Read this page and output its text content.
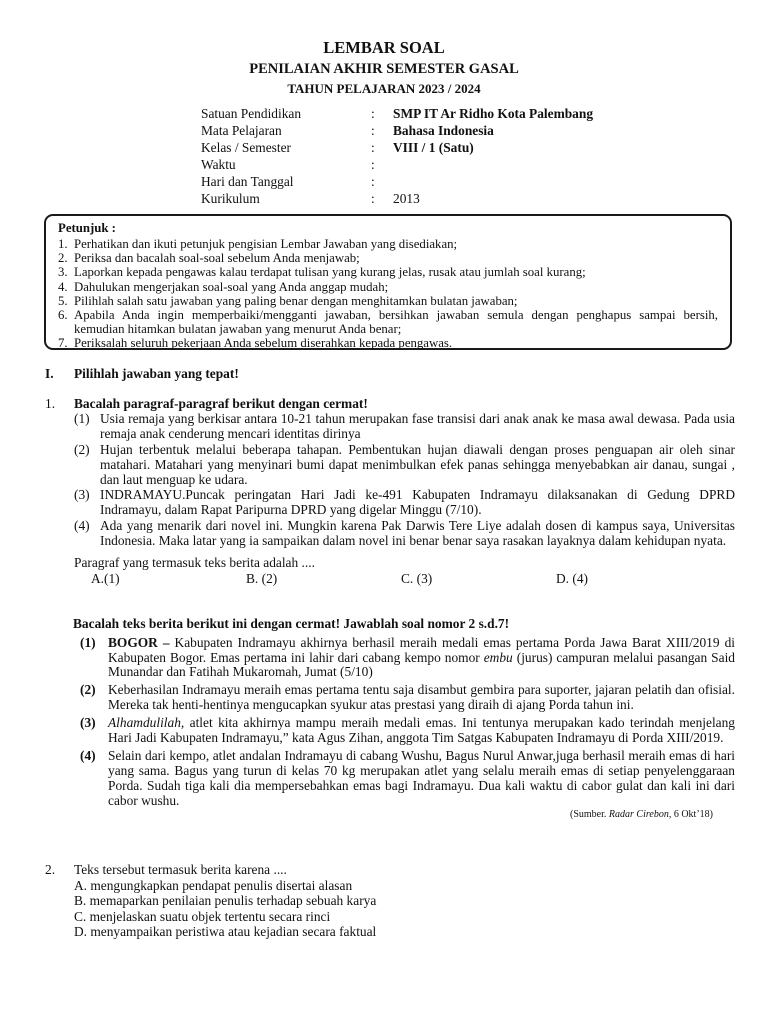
LEMBAR SOAL
PENILAIAN AKHIR SEMESTER GASAL
TAHUN PELAJARAN 2023 / 2024
Satuan Pendidikan	:	SMP IT Ar Ridho Kota Palembang
Mata Pelajaran	:	Bahasa Indonesia
Kelas / Semester	:	VIII / 1 (Satu)
Waktu	:
Hari dan Tanggal	:
Kurikulum	:	2013
Petunjuk :
1. Perhatikan dan ikuti petunjuk pengisian Lembar Jawaban yang disediakan;
2. Periksa dan bacalah soal-soal sebelum Anda menjawab;
3. Laporkan kepada pengawas kalau terdapat tulisan yang kurang jelas, rusak atau jumlah soal kurang;
4. Dahulukan mengerjakan soal-soal yang Anda anggap mudah;
5. Pilihlah salah satu jawaban yang paling benar dengan menghitamkan bulatan jawaban;
6. Apabila Anda ingin memperbaiki/mengganti jawaban, bersihkan jawaban semula dengan penghapus sampai bersih, kemudian hitamkan bulatan jawaban yang menurut Anda benar;
7. Periksalah seluruh pekerjaan Anda sebelum diserahkan kepada pengawas.
I.	Pilihlah jawaban yang tepat!
1.	Bacalah paragraf-paragraf berikut dengan cermat!
(1) Usia remaja yang berkisar antara 10-21 tahun merupakan fase transisi dari anak anak ke masa awal dewasa. Pada usia remaja anak cenderung mencari identitas dirinya
(2) Hujan terbentuk melalui beberapa tahapan. Pembentukan hujan diawali dengan proses penguapan air oleh sinar matahari. Matahari yang menyinari bumi dapat menimbulkan efek panas sehingga menyebabkan air danau, sungai , dan laut menguap ke udara.
(3) INDRAMAYU.Puncak peringatan Hari Jadi ke-491 Kabupaten Indramayu dilaksanakan di Gedung DPRD Indramayu, dalam Rapat Paripurna DPRD yang digelar Minggu (7/10).
(4) Ada yang menarik dari novel ini. Mungkin karena Pak Darwis Tere Liye adalah dosen di kampus saya, Universitas Indonesia. Maka latar yang ia sampaikan dalam novel ini benar benar saya rasakan layaknya dalam kehidupan nyata.
Paragraf yang termasuk teks berita adalah ....
A.(1)	B. (2)	C. (3)	D. (4)
Bacalah teks berita berikut ini dengan cermat! Jawablah soal nomor 2 s.d.7!
(1) BOGOR – Kabupaten Indramayu akhirnya berhasil meraih medali emas pertama Porda Jawa Barat XIII/2019 di Kabupaten Bogor. Emas pertama ini lahir dari cabang kempo nomor embu (jurus) campuran melalui pasangan Said Munandar dan Fatihah Mukaromah, Jumat (5/10)
(2) Keberhasilan Indramayu meraih emas pertama tentu saja disambut gembira para suporter, jajaran pelatih dan ofisial. Mereka tak henti-hentinya mengucapkan syukur atas prestasi yang diraih di ajang Porda tahun ini.
(3) Alhamdulilah, atlet kita akhirnya mampu meraih medali emas. Ini tentunya merupakan kado terindah menjelang Hari Jadi Kabupaten Indramayu,” kata Agus Zihan, anggota Tim Satgas Kabupaten Indramayu di Porda XIII/2019.
(4) Selain dari kempo, atlet andalan Indramayu di cabang Wushu, Bagus Nurul Anwar,juga berhasil meraih emas di hari yang sama. Bagus yang turun di kelas 70 kg merupakan atlet yang selalu meraih emas di setiap penyelenggaraan Porda. Sudah tiga kali dia mempersebahkan emas bagi Indramayu. Dua kali waktu di cabor gulat dan kali ini dari cabor wushu.
(Sumber. Radar Cirebon, 6 Okt’18)
2.	Teks tersebut termasuk berita karena ....
A. mengungkapkan pendapat penulis disertai alasan
B. memaparkan penilaian penulis terhadap sebuah karya
C. menjelaskan suatu objek tertentu secara rinci
D. menyampaikan peristiwa atau kejadian secara faktual
